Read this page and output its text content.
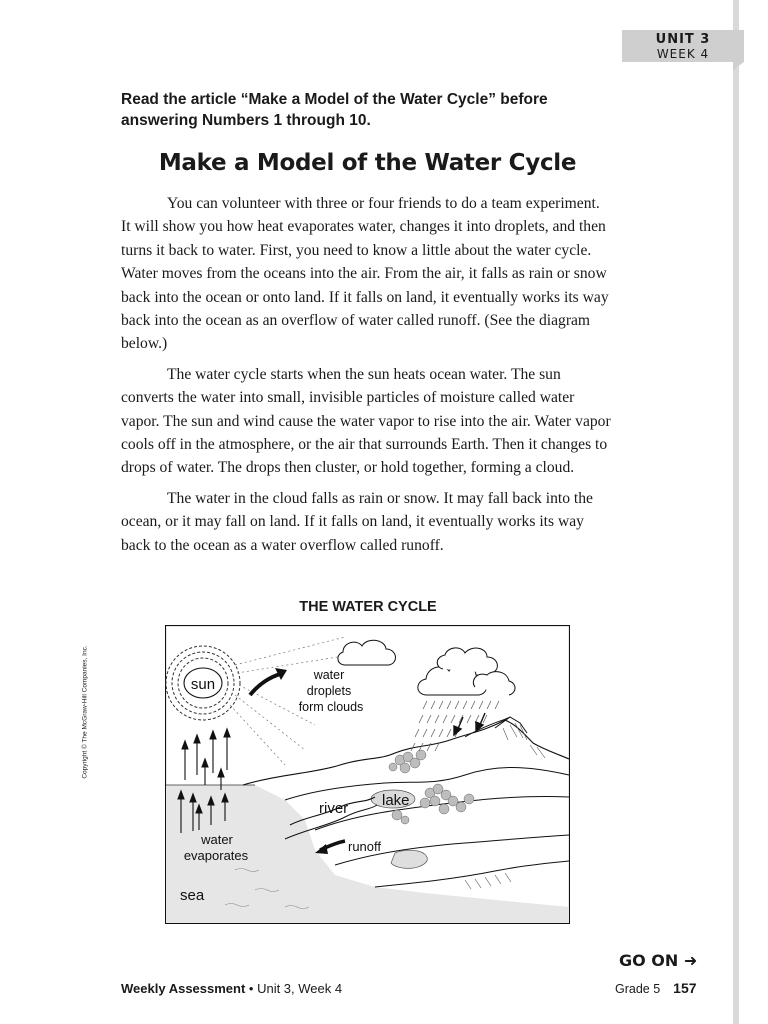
UNIT 3
WEEK 4
Read the article “Make a Model of the Water Cycle” before answering Numbers 1 through 10.
Make a Model of the Water Cycle

You can volunteer with three or four friends to do a team experiment. It will show you how heat evaporates water, changes it into droplets, and then turns it back to water. First, you need to know a little about the water cycle. Water moves from the oceans into the air. From the air, it falls as rain or snow back into the ocean or onto land. If it falls on land, it eventually works its way back into the ocean as an overflow of water called runoff. (See the diagram below.)

The water cycle starts when the sun heats ocean water. The sun converts the water into small, invisible particles of moisture called water vapor. The sun and wind cause the water vapor to rise into the air. Water vapor cools off in the atmosphere, or the air that surrounds Earth. Then it changes to drops of water. The drops then cluster, or hold together, forming a cloud.

The water in the cloud falls as rain or snow. It may fall back into the ocean, or it may fall on land. If it falls on land, it eventually works its way back to the ocean as a water overflow called runoff.

THE WATER CYCLE
sun
water
droplets
form clouds
river lake
water
evaporates
runoff
sea
Copyright © The McGraw-Hill Companies, Inc.
GO ON ➜
Weekly Assessment • Unit 3, Week 4	Grade 5 157
